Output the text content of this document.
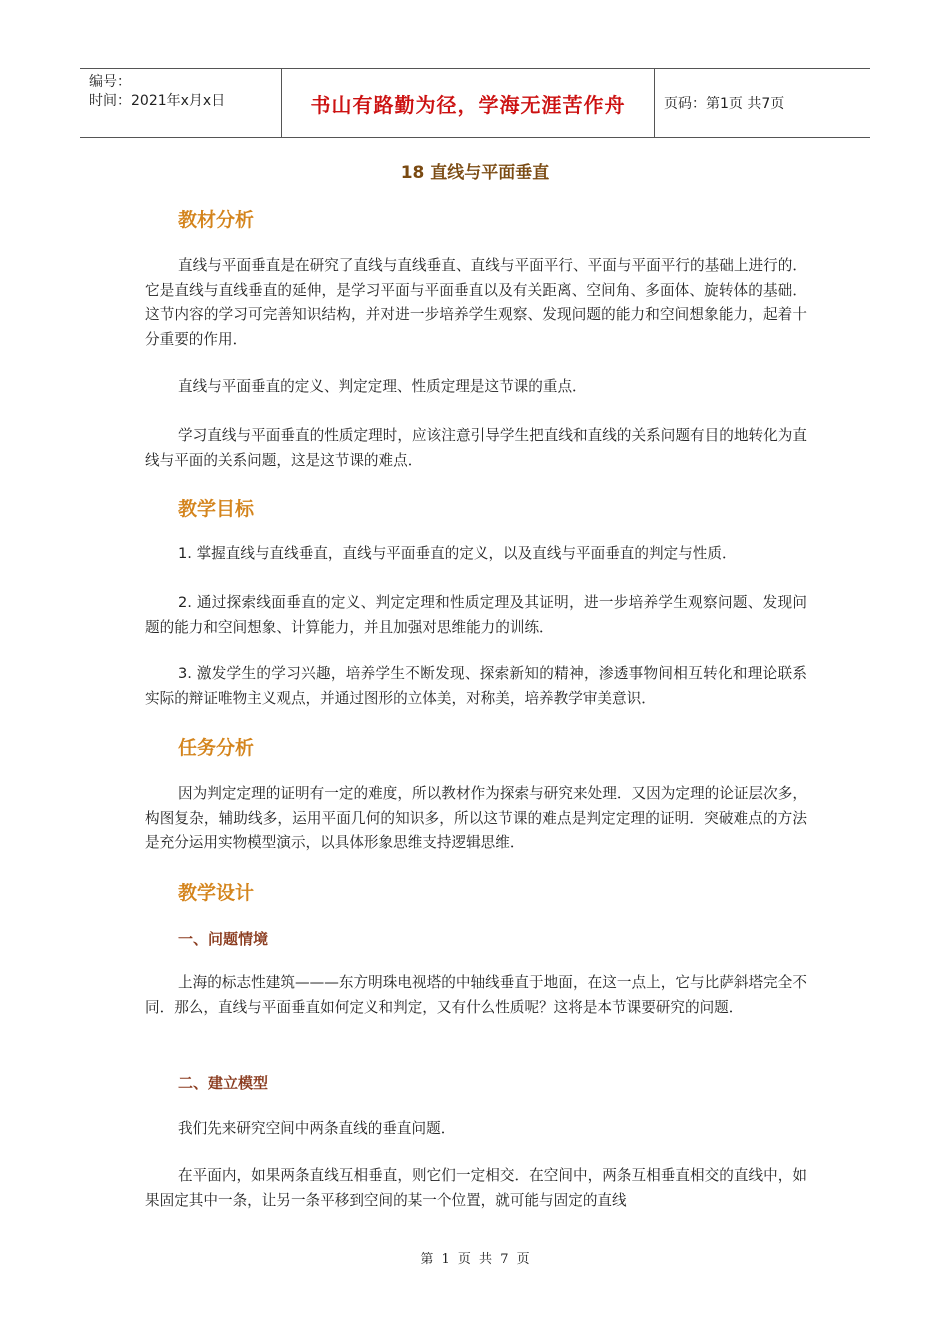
编号：
时间：2021年x月x日	书山有路勤为径，学海无涯苦作舟	页码：第1页 共7页
18 直线与平面垂直
教材分析
直线与平面垂直是在研究了直线与直线垂直、直线与平面平行、平面与平面平行的基础上进行的．它是直线与直线垂直的延伸，是学习平面与平面垂直以及有关距离、空间角、多面体、旋转体的基础．这节内容的学习可完善知识结构，并对进一步培养学生观察、发现问题的能力和空间想象能力，起着十分重要的作用．
直线与平面垂直的定义、判定定理、性质定理是这节课的重点．
学习直线与平面垂直的性质定理时，应该注意引导学生把直线和直线的关系问题有目的地转化为直线与平面的关系问题，这是这节课的难点．
教学目标
1. 掌握直线与直线垂直，直线与平面垂直的定义，以及直线与平面垂直的判定与性质．
2. 通过探索线面垂直的定义、判定定理和性质定理及其证明，进一步培养学生观察问题、发现问题的能力和空间想象、计算能力，并且加强对思维能力的训练．
3. 激发学生的学习兴趣，培养学生不断发现、探索新知的精神，渗透事物间相互转化和理论联系实际的辩证唯物主义观点，并通过图形的立体美，对称美，培养教学审美意识．
任务分析
因为判定定理的证明有一定的难度，所以教材作为探索与研究来处理．又因为定理的论证层次多，构图复杂，辅助线多，运用平面几何的知识多，所以这节课的难点是判定定理的证明．突破难点的方法是充分运用实物模型演示，以具体形象思维支持逻辑思维．
教学设计
一、问题情境
上海的标志性建筑———东方明珠电视塔的中轴线垂直于地面，在这一点上，它与比萨斜塔完全不同．那么，直线与平面垂直如何定义和判定，又有什么性质呢？这将是本节课要研究的问题．
二、建立模型
我们先来研究空间中两条直线的垂直问题．
在平面内，如果两条直线互相垂直，则它们一定相交．在空间中，两条互相垂直相交的直线中，如果固定其中一条，让另一条平移到空间的某一个位置，就可能与固定的直线
第 1 页 共 7 页
